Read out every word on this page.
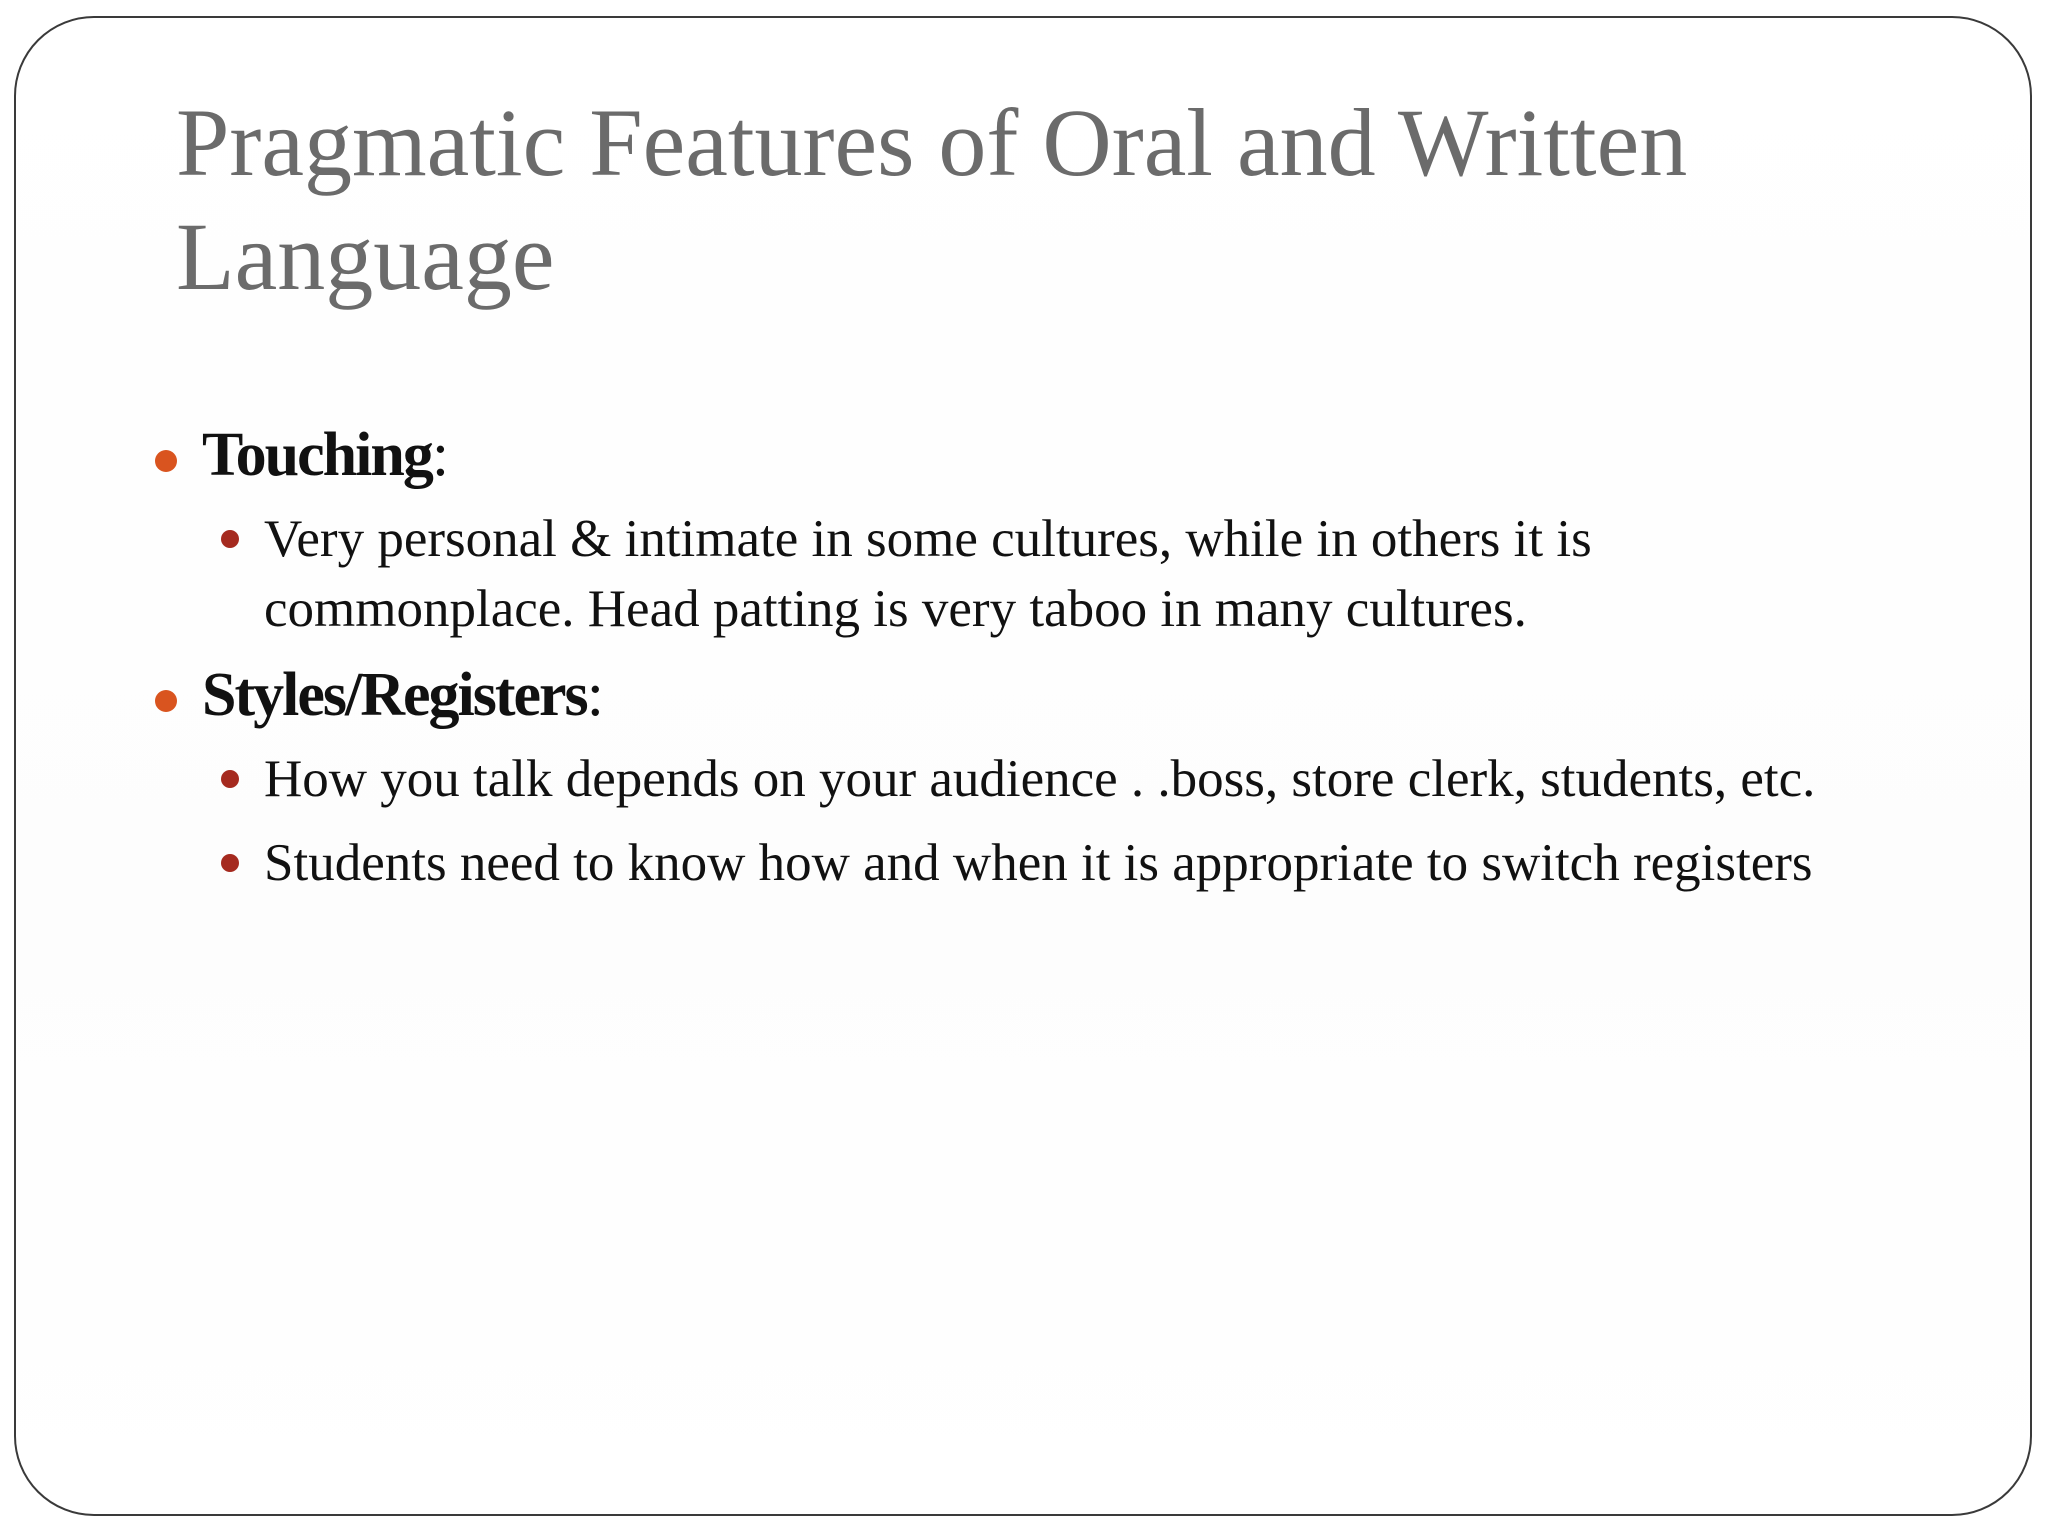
Pragmatic Features of Oral and Written Language
Touching:
Very personal & intimate in some cultures, while in others it is commonplace. Head patting is very taboo in many cultures.
Styles/Registers:
How you talk depends on your audience . .boss, store clerk, students, etc.
Students need to know how and when it is appropriate to switch registers
